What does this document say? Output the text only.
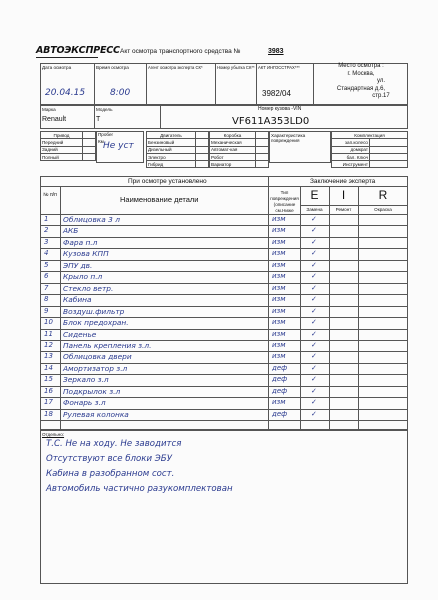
АВТОЭКСПРЕСС Акт осмотра транспортного средства №	3983
Дата осмотра
20.04.15
Время осмотра
8:00
Агент осмотра эксперта СК*	Номер убытка СК** АКТ ИНГОССТРАХ***
3982/04
Место осмотра :
г. Москва,
ул.
Стандартная д.6,
стр.17
Марка
Renault
Модель
T
Номер кузова -VIN
VF611A353LD0
Привод	
Передний	
Задний	
Полный	
Пробег
Км Не уст
Двигатель	
Бензиновый	
Дизельный	
Электро	
Гибрид	
Коробка	
Механическая	
Автомат-кая	
Робот	
Вариатор	
Характеристика повреждения
Комплектация	
зап.колесо	
домкрат	
бал. Ключ	
Инструмент	
При осмотре установлено	Заключение эксперта
№ п/п	Наименование детали
Тип повреждения (описание см.Ниже
E	I	R
Замена	Ремонт	Окраска
1 Облицовка 3 л	изм	✓
2 АКБ	изм	✓
3 Фара п.л	изм	✓
4 Кузова КПП	изм	✓
5 ЭПУ дв.	изм	✓
6 Крыло п.л	изм	✓
7 Стекло ветр.	изм	✓
8 Кабина	изм	✓
9 Воздуш.фильтр	изм	✓
10 Блок предохран.	изм	✓
11 Сиденье	изм	✓
12 Панель крепления з.л.	изм	✓
13 Облицовка двери	изм	✓
14 Амортизатор з.л	деф	✓
15 Зеркало з.л	деф	✓
16 Подкрылок з.л	деф	✓
17 Фонарь з.л	изм	✓
18 Рулевая колонка	деф	✓
Отдельно:
Т.С. Не на ходу. Не заводится
Отсутствуют все блоки ЭБУ
Кабина в разобранном сост.
Автомобиль частично разукомплектован
